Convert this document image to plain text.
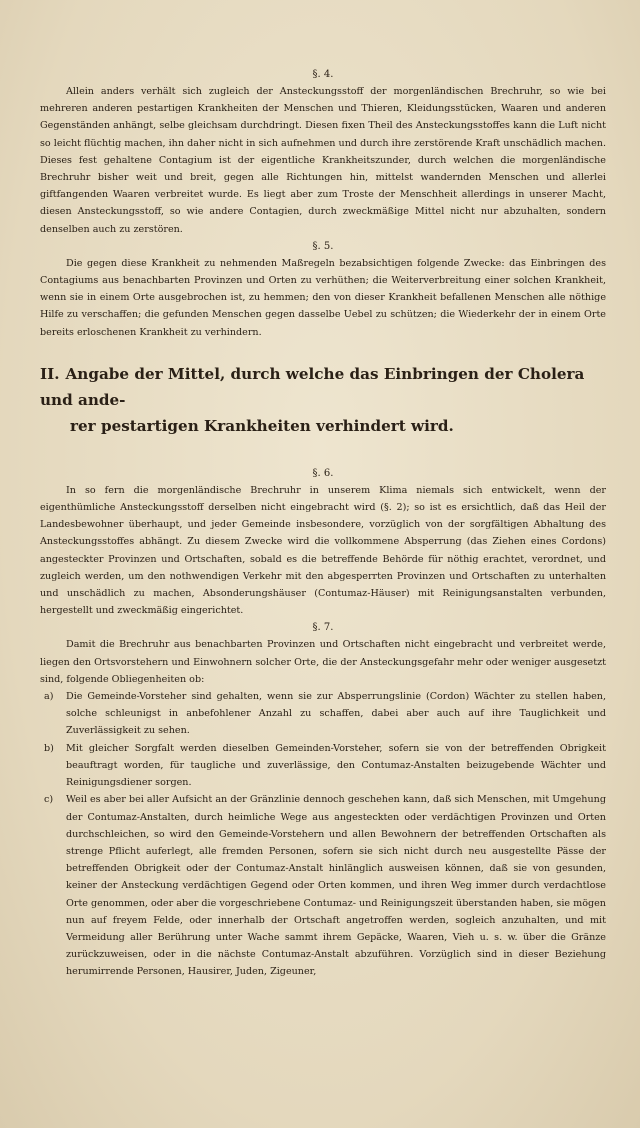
§. 4.

Allein anders verhält sich zugleich der Ansteckungsstoff der morgenländischen Brechruhr, so wie bei mehreren anderen pestartigen Krankheiten der Menschen und Thieren, Kleidungsstücken, Waaren und anderen Gegenständen anhängt, selbe gleichsam durchdringt. Diesen fixen Theil des Ansteckungsstoffes kann die Luft nicht so leicht flüchtig machen, ihn daher nicht in sich aufnehmen und durch ihre zerstörende Kraft unschädlich machen. Dieses fest gehaltene Contagium ist der eigentliche Krankheitszunder, durch welchen die morgenländische Brechruhr bisher weit und breit, gegen alle Richtungen hin, mittelst wandernden Menschen und allerlei giftfangenden Waaren verbreitet wurde. Es liegt aber zum Troste der Menschheit allerdings in unserer Macht, diesen Ansteckungsstoff, so wie andere Contagien, durch zweckmäßige Mittel nicht nur abzuhalten, sondern denselben auch zu zerstören.

§. 5.

Die gegen diese Krankheit zu nehmenden Maßregeln bezabsichtigen folgende Zwecke: das Einbringen des Contagiums aus benachbarten Provinzen und Orten zu verhüthen; die Weiterverbreitung einer solchen Krankheit, wenn sie in einem Orte ausgebrochen ist, zu hemmen; den von dieser Krankheit befallenen Menschen alle nöthige Hilfe zu verschaffen; die gefunden Menschen gegen dasselbe Uebel zu schützen; die Wiederkehr der in einem Orte bereits erloschenen Krankheit zu verhindern.

II. Angabe der Mittel, durch welche das Einbringen der Cholera und ande-
rer pestartigen Krankheiten verhindert wird.
§. 6.

In so fern die morgenländische Brechruhr in unserem Klima niemals sich entwickelt, wenn der eigenthümliche Ansteckungsstoff derselben nicht eingebracht wird (§. 2); so ist es ersichtlich, daß das Heil der Landesbewohner überhaupt, und jeder Gemeinde insbesondere, vorzüglich von der sorgfältigen Abhaltung des Ansteckungsstoffes abhängt. Zu diesem Zwecke wird die vollkommene Absperrung (das Ziehen eines Cordons) angesteckter Provinzen und Ortschaften, sobald es die betreffende Behörde für nöthig erachtet, verordnet, und zugleich werden, um den nothwendigen Verkehr mit den abgesperrten Provinzen und Ortschaften zu unterhalten und unschädlich zu machen, Absonderungshäuser (Contumaz-Häuser) mit Reinigungsanstalten verbunden, hergestellt und zweckmäßig eingerichtet.

§. 7.

Damit die Brechruhr aus benachbarten Provinzen und Ortschaften nicht eingebracht und verbreitet werde, liegen den Ortsvorstehern und Einwohnern solcher Orte, die der Ansteckungsgefahr mehr oder weniger ausgesetzt sind, folgende Obliegenheiten ob:

a)	Die Gemeinde-Vorsteher sind gehalten, wenn sie zur Absperrungslinie (Cordon) Wächter zu stellen haben, solche schleunigst in anbefohlener Anzahl zu schaffen, dabei aber auch auf ihre Tauglichkeit und Zuverlässigkeit zu sehen.
b)	Mit gleicher Sorgfalt werden dieselben Gemeinden-Vorsteher, sofern sie von der betreffenden Obrigkeit beauftragt worden, für taugliche und zuverlässige, den Contumaz-Anstalten beizugebende Wächter und Reinigungsdiener sorgen.
c)	Weil es aber bei aller Aufsicht an der Gränzlinie dennoch geschehen kann, daß sich Menschen, mit Umgehung der Contumaz-Anstalten, durch heimliche Wege aus angesteckten oder verdächtigen Provinzen und Orten durchschleichen, so wird den Gemeinde-Vorstehern und allen Bewohnern der betreffenden Ortschaften als strenge Pflicht auferlegt, alle fremden Personen, sofern sie sich nicht durch neu ausgestellte Pässe der betreffenden Obrigkeit oder der Contumaz-Anstalt hinlänglich ausweisen können, daß sie von gesunden, keiner der Ansteckung verdächtigen Gegend oder Orten kommen, und ihren Weg immer durch verdachtlose Orte genommen, oder aber die vorgeschriebene Contumaz- und Reinigungszeit überstanden haben, sie mögen nun auf freyem Felde, oder innerhalb der Ortschaft angetroffen werden, sogleich anzuhalten, und mit Vermeidung aller Berührung unter Wache sammt ihrem Gepäcke, Waaren, Vieh u. s. w. über die Gränze zurückzuweisen, oder in die nächste Contumaz-Anstalt abzuführen. Vorzüglich sind in dieser Beziehung herumirrende Personen, Hausirer, Juden, Zigeuner,
